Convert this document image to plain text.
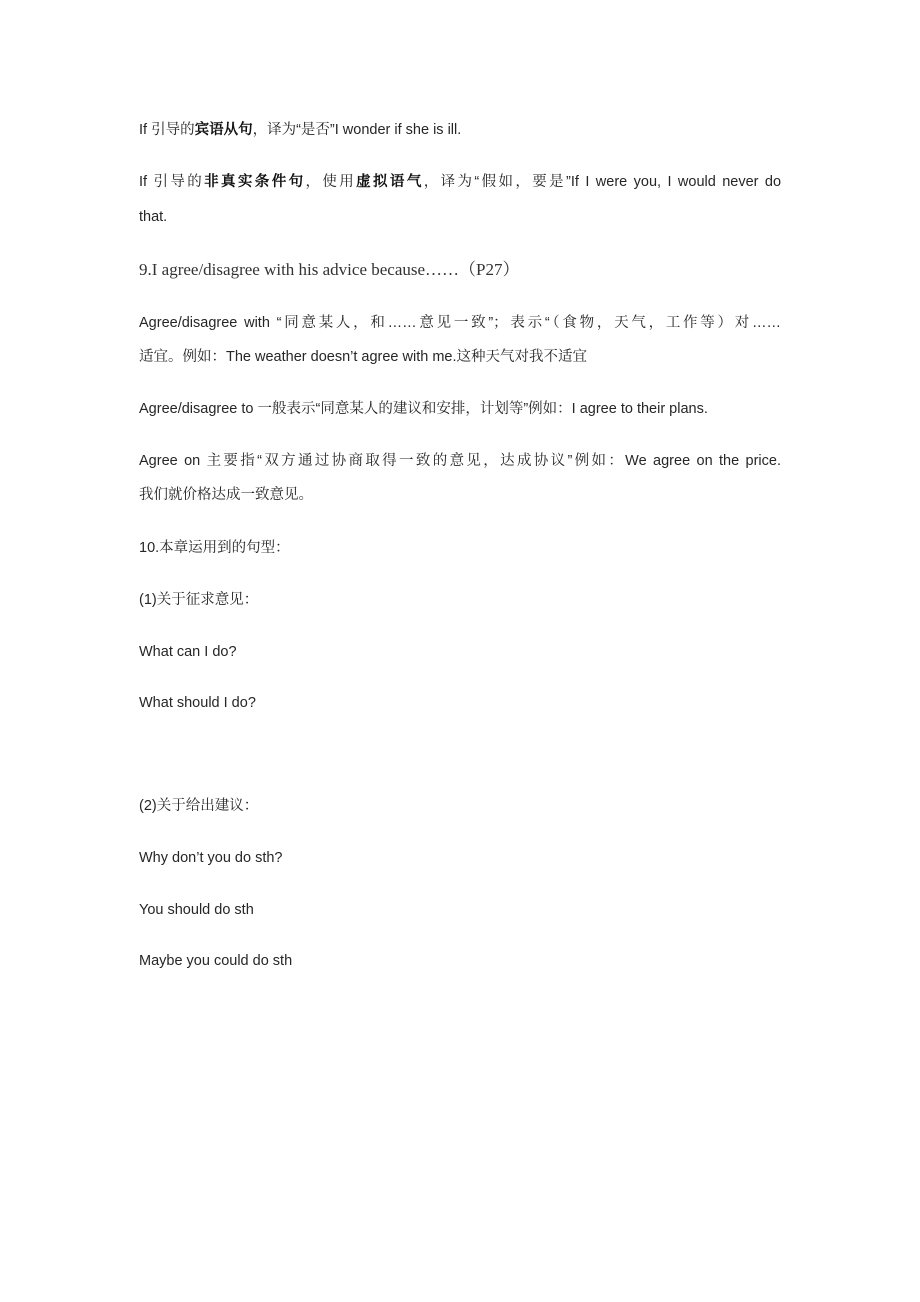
If 引导的宾语从句，译为“是否”I wonder if she is ill.
If 引导的非真实条件句，使用虚拟语气，译为“假如，要是”If I were you, I would never do
that.
9.I agree/disagree with his advice because……（P27）
Agree/disagree with “同意某人，和……意见一致”；表示“（食物，天气，工作等）对……
适宜。例如：The weather doesn’t agree with me.这种天气对我不适宜
Agree/disagree to 一般表示“同意某人的建议和安排，计划等”例如：I agree to their plans.
Agree on 主要指“双方通过协商取得一致的意见，达成协议”例如：We agree on the price.
我们就价格达成一致意见。
10.本章运用到的句型：
(1)关于征求意见：
What can I do?
What should I do?
(2)关于给出建议：
Why don’t you do sth?
You should do sth
Maybe you could do sth
